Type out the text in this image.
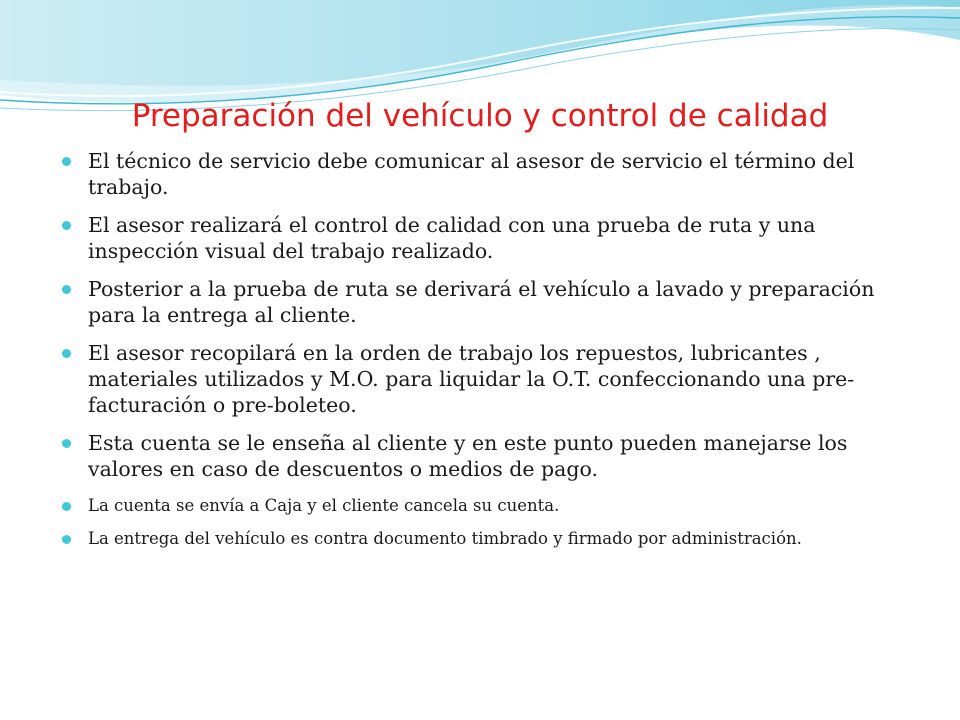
Preparación del vehículo y control de calidad
El técnico de servicio debe comunicar al asesor de servicio el término del trabajo.
El asesor realizará el control de calidad con una prueba de ruta y una inspección visual del trabajo realizado.
Posterior a la prueba de ruta se derivará el vehículo a lavado y preparación para la entrega al cliente.
El asesor recopilará en la orden de trabajo los repuestos, lubricantes , materiales utilizados y M.O. para liquidar la O.T. confeccionando una pre-facturación o pre-boleteo.
Esta cuenta se le enseña al cliente y en este punto pueden manejarse los valores en caso de descuentos o medios de pago.
La cuenta se envía a Caja y el cliente cancela su cuenta.
La entrega del vehículo es contra documento timbrado y firmado por administración.
